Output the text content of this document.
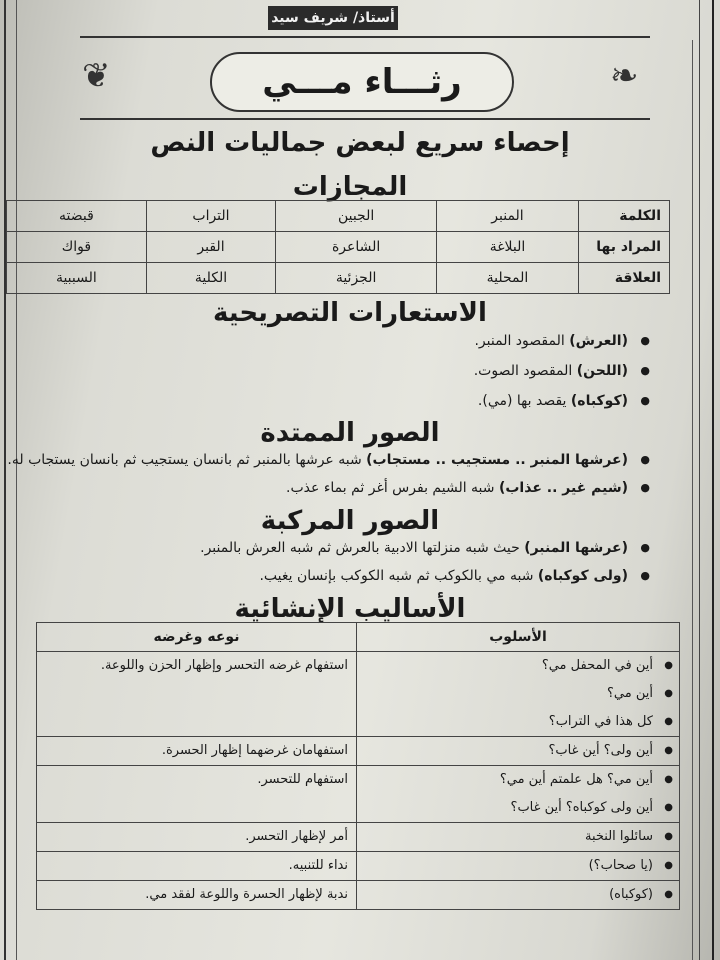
أستاذ/ شريف سيد
❦	❧
رثـــاء مـــي
إحصاء سريع لبعض جماليات النص
المجازات
الكلمة	المنبر	الجبين	التراب	قبضته
المراد بها	البلاغة	الشاعرة	القبر	قواك
العلاقة	المحلية	الجزئية	الكلية	السببية
الاستعارات التصريحية
● (العرش) المقصود المنبر.
● (اللحن) المقصود الصوت.
● (كوكباه) يقصد بها (مي).
الصور الممتدة
● (عرشها المنبر .. مستجيب .. مستجاب) شبه عرشها بالمنبر ثم بانسان يستجيب ثم بانسان يستجاب له.
● (شيم غير .. عذاب) شبه الشيم بفرس أغر ثم بماء عذب.
الصور المركبة
● (عرشها المنبر) حيث شبه منزلتها الادبية بالعرش ثم شبه العرش بالمنبر.
● (ولى كوكباه) شبه مي بالكوكب ثم شبه الكوكب بإنسان يغيب.
الأساليب الإنشائية
الأسلوب	نوعه وغرضه

● أين في المحفل مي؟
● أين مي؟
● كل هذا في التراب؟	استفهام غرضه التحسر وإظهار الحزن واللوعة.

● أين ولى؟ أين غاب؟	استفهامان غرضهما إظهار الحسرة.

● أين مي؟ هل علمتم أين مي؟
● أين ولى كوكباه؟ أين غاب؟	استفهام للتحسر.

● سائلوا النخبة	أمر لإظهار التحسر.

● (يا صحاب؟)	نداء للتنبيه.

● (كوكباه)	ندبة لإظهار الحسرة واللوعة لفقد مي.
